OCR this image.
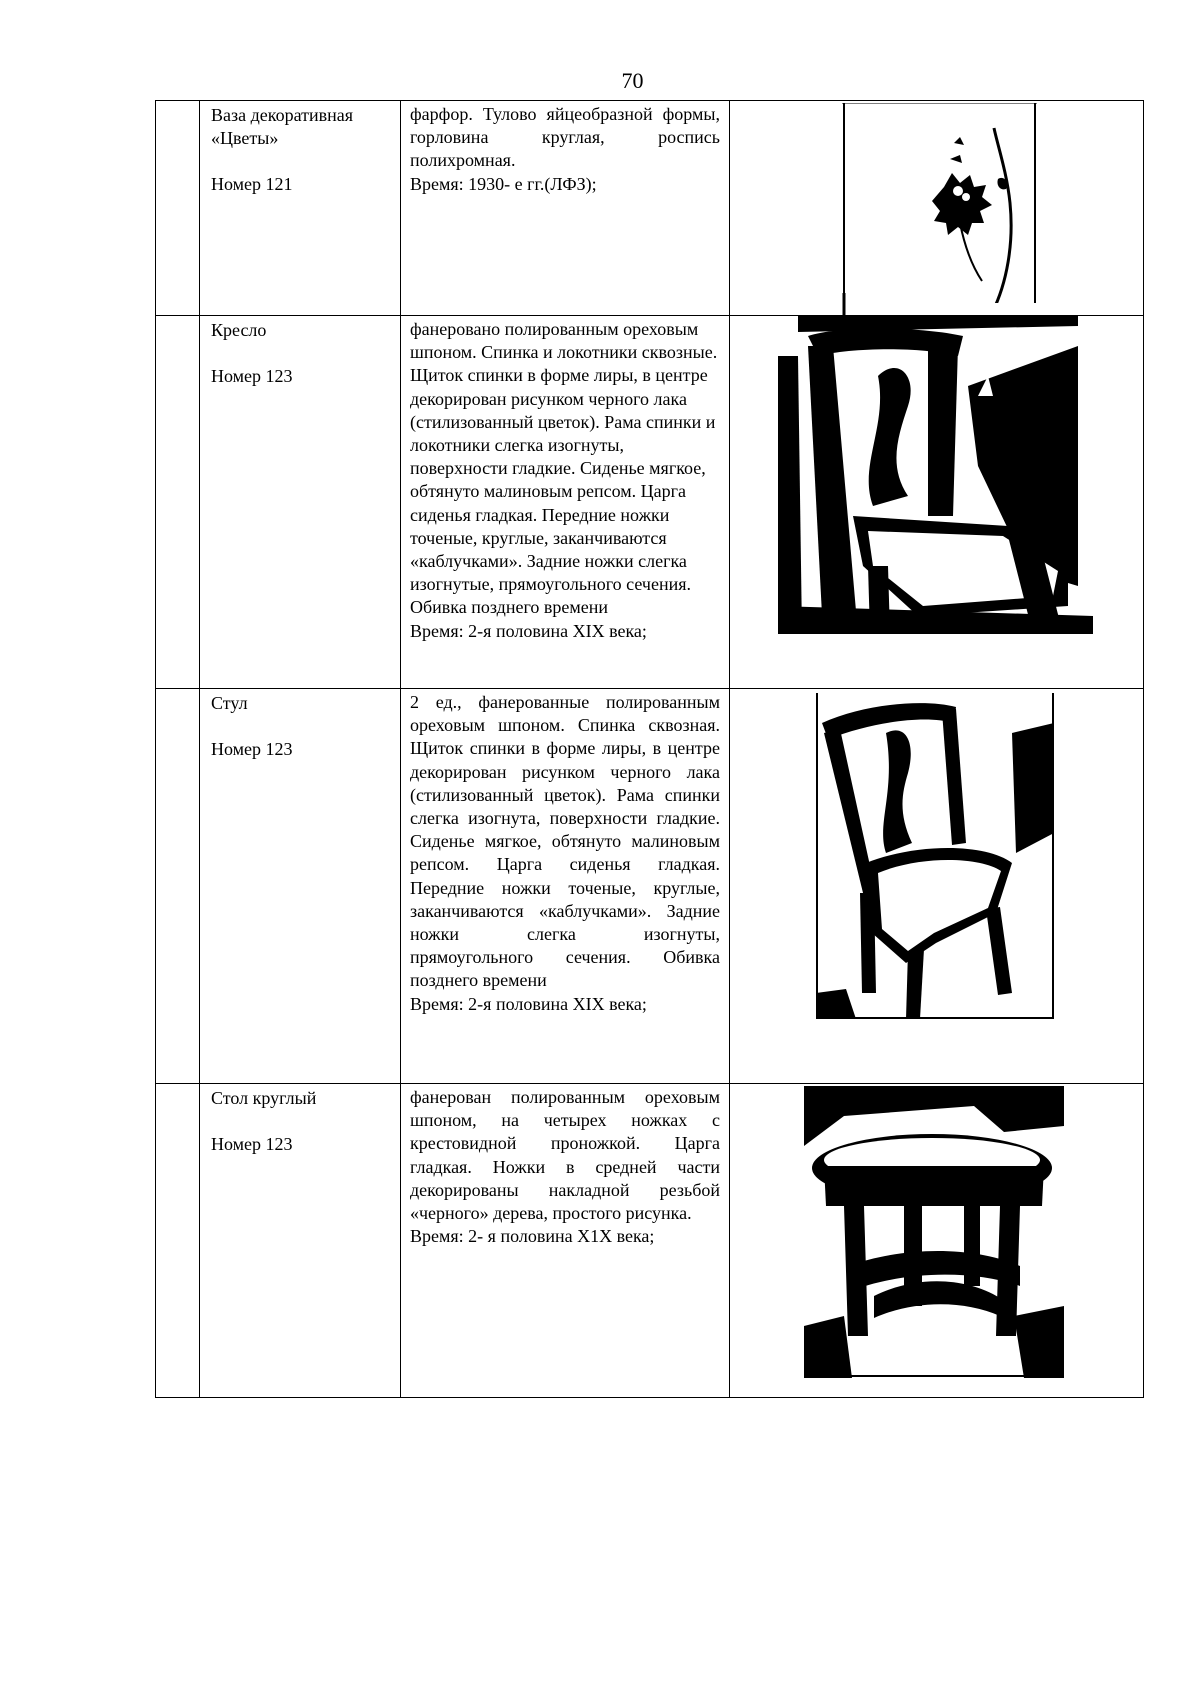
70

	Ваза декоративная «Цветы»
Номер 121	фарфор. Тулово яйцеобразной формы, горловина круглая, роспись полихромная.
Время: 1930- е гг.(ЛФЗ);

	Кресло
Номер 123	фанеровано полированным ореховым шпоном. Спинка и локотники сквозные. Щиток спинки в форме лиры, в центре декорирован рисунком черного лака (стилизованный цветок). Рама спинки и локотники слегка изогнуты, поверхности гладкие. Сиденье мягкое, обтянуто малиновым репсом. Царга сиденья гладкая. Передние ножки точеные, круглые, заканчиваются «каблучками». Задние ножки слегка изогнутые, прямоугольного сечения. Обивка позднего времени
Время: 2-я половина XIX века;

	Стул
Номер 123	2 ед., фанерованные полированным ореховым шпоном. Спинка сквозная. Щиток спинки в форме лиры, в центре декорирован рисунком черного лака (стилизованный цветок). Рама спинки слегка изогнута, поверхности гладкие. Сиденье мягкое, обтянуто малиновым репсом. Царга сиденья гладкая. Передние ножки точеные, круглые, заканчиваются «каблучками». Задние ножки слегка изогнуты, прямоугольного сечения. Обивка позднего времени
Время: 2-я половина XIX века;

	Стол круглый
Номер 123	фанерован полированным ореховым шпоном, на четырех ножках с крестовидной проножкой. Царга гладкая. Ножки в средней части декорированы накладной резьбой «черного» дерева, простого рисунка.
Время: 2- я половина Х1Х века;
